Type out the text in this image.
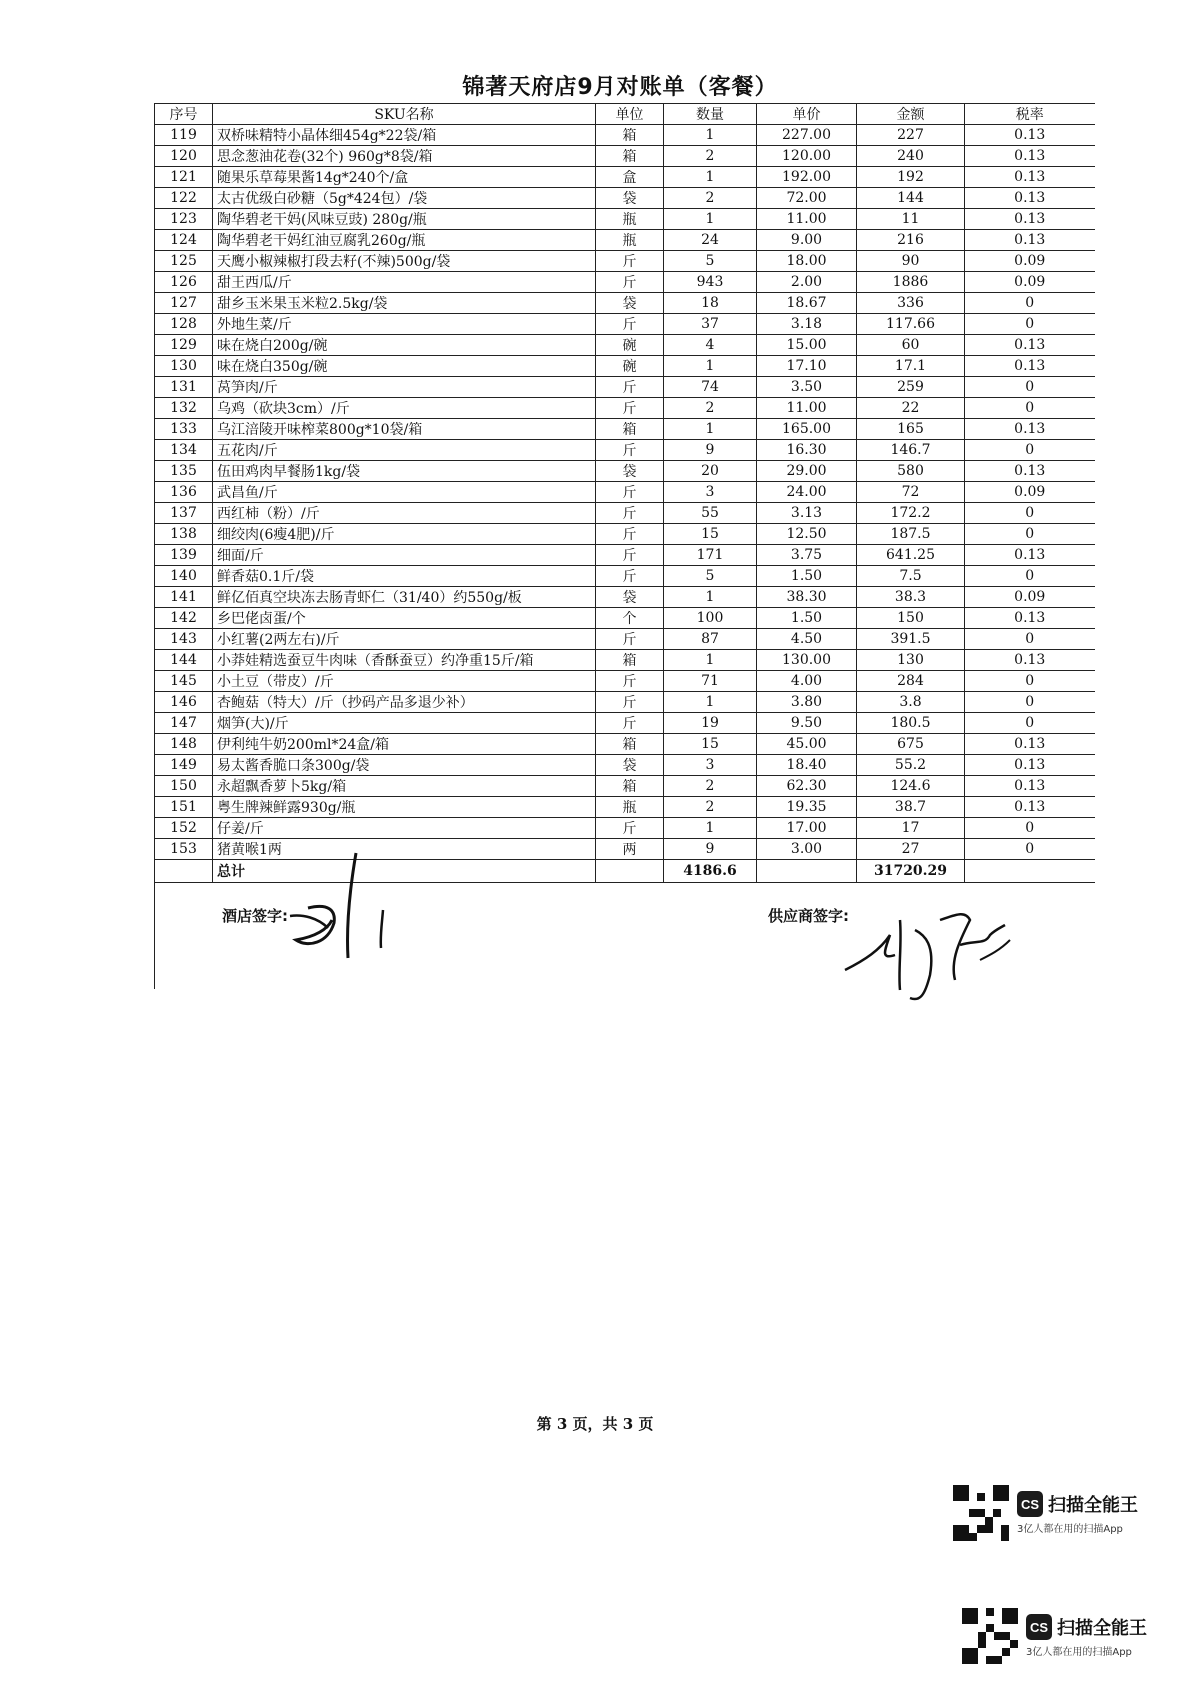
锦著天府店9月对账单（客餐）
序号	SKU名称	单位	数量	单价	金额	税率
119	双桥味精特小晶体细454g*22袋/箱	箱	1	227.00	227	0.13
120	思念葱油花卷(32个) 960g*8袋/箱	箱	2	120.00	240	0.13
121	随果乐草莓果酱14g*240个/盒	盒	1	192.00	192	0.13
122	太古优级白砂糖（5g*424包）/袋	袋	2	72.00	144	0.13
123	陶华碧老干妈(风味豆豉) 280g/瓶	瓶	1	11.00	11	0.13
124	陶华碧老干妈红油豆腐乳260g/瓶	瓶	24	9.00	216	0.13
125	天鹰小椒辣椒打段去籽(不辣)500g/袋	斤	5	18.00	90	0.09
126	甜王西瓜/斤	斤	943	2.00	1886	0.09
127	甜乡玉米果玉米粒2.5kg/袋	袋	18	18.67	336	0
128	外地生菜/斤	斤	37	3.18	117.66	0
129	味在烧白200g/碗	碗	4	15.00	60	0.13
130	味在烧白350g/碗	碗	1	17.10	17.1	0.13
131	莴笋肉/斤	斤	74	3.50	259	0
132	乌鸡（砍块3cm）/斤	斤	2	11.00	22	0
133	乌江涪陵开味榨菜800g*10袋/箱	箱	1	165.00	165	0.13
134	五花肉/斤	斤	9	16.30	146.7	0
135	伍田鸡肉早餐肠1kg/袋	袋	20	29.00	580	0.13
136	武昌鱼/斤	斤	3	24.00	72	0.09
137	西红柿（粉）/斤	斤	55	3.13	172.2	0
138	细绞肉(6瘦4肥)/斤	斤	15	12.50	187.5	0
139	细面/斤	斤	171	3.75	641.25	0.13
140	鲜香菇0.1斤/袋	斤	5	1.50	7.5	0
141	鲜亿佰真空块冻去肠青虾仁（31/40）约550g/板	袋	1	38.30	38.3	0.09
142	乡巴佬卤蛋/个	个	100	1.50	150	0.13
143	小红薯(2两左右)/斤	斤	87	4.50	391.5	0
144	小莽娃精选蚕豆牛肉味（香酥蚕豆）约净重15斤/箱	箱	1	130.00	130	0.13
145	小土豆（带皮）/斤	斤	71	4.00	284	0
146	杏鲍菇（特大）/斤（抄码产品多退少补）	斤	1	3.80	3.8	0
147	烟笋(大)/斤	斤	19	9.50	180.5	0
148	伊利纯牛奶200ml*24盒/箱	箱	15	45.00	675	0.13
149	易太酱香脆口条300g/袋	袋	3	18.40	55.2	0.13
150	永超飘香萝卜5kg/箱	箱	2	62.30	124.6	0.13
151	粤生牌辣鲜露930g/瓶	瓶	2	19.35	38.7	0.13
152	仔姜/斤	斤	1	17.00	17	0
153	猪黄喉1两	两	9	3.00	27	0
	总计		4186.6		31720.29	
酒店签字:	供应商签字:
第 3 页，共 3 页
CS 扫描全能王
3亿人都在用的扫描App
CS 扫描全能王
3亿人都在用的扫描App
